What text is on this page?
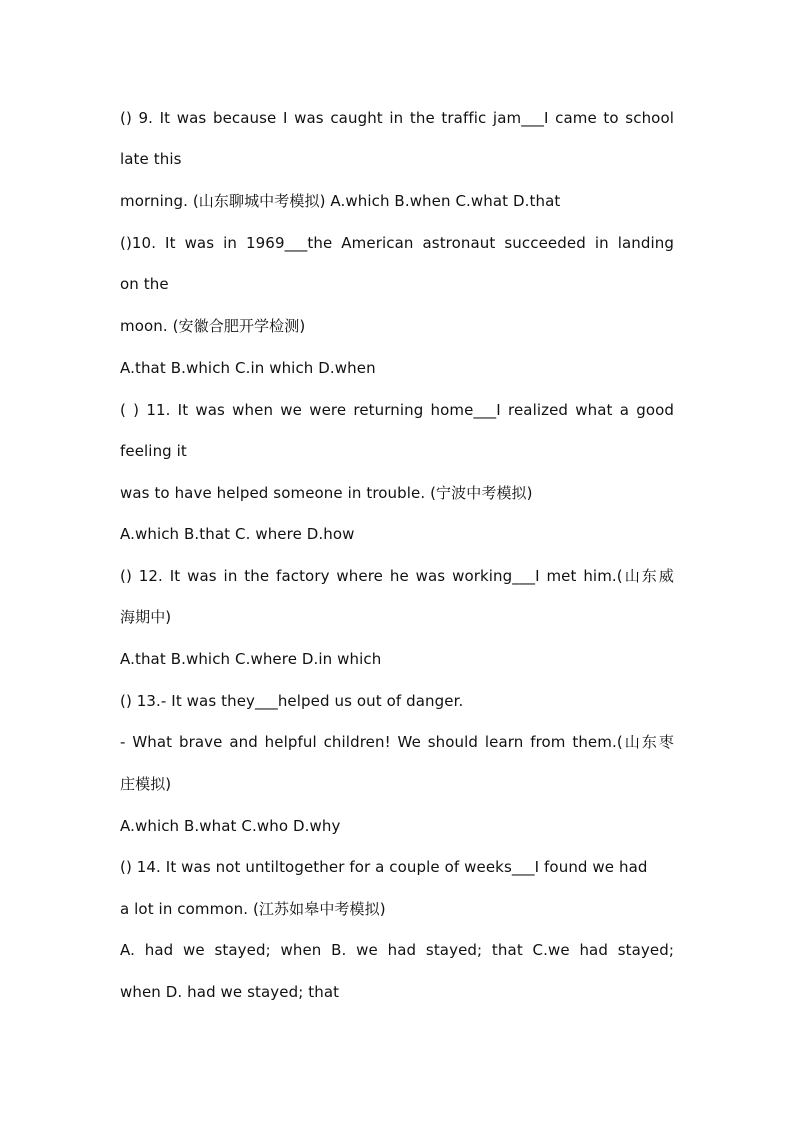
() 9. It was because I was caught in the traffic jam___I came to school
late this
morning. (山东聊城中考模拟) A.which B.when C.what D.that
()10. It was in 1969___the American astronaut succeeded in landing
on the
moon. (安徽合肥开学检测)
A.that B.which C.in which D.when
( ) 11. It was when we were returning home___I realized what a good
feeling it
was to have helped someone in trouble. (宁波中考模拟)
A.which B.that C. where D.how
() 12. It was in the factory where he was working___I met him.(山东威
海期中)
A.that B.which C.where D.in which
() 13.- It was they___helped us out of danger.
- What brave and helpful children! We should learn from them.(山东枣
庄模拟)
A.which B.what C.who D.why
() 14. It was not untiltogether for a couple of weeks___I found we had
a lot in common. (江苏如皋中考模拟)
A. had we stayed; when B. we had stayed; that C.we had stayed;
when D. had we stayed; that
